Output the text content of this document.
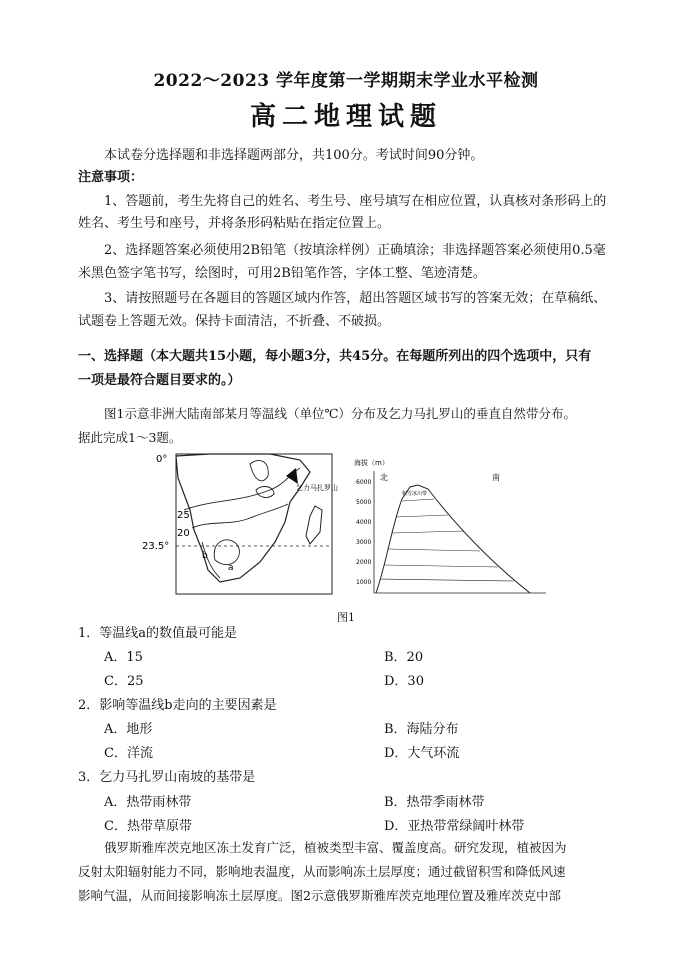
2022～2023 学年度第一学期期末学业水平检测
高二地理试题
本试卷分选择题和非选择题两部分，共100分。考试时间90分钟。
注意事项：
1、答题前，考生先将自己的姓名、考生号、座号填写在相应位置，认真核对条形码上的
姓名、考生号和座号，并将条形码粘贴在指定位置上。
2、选择题答案必须使用2B铅笔（按填涂样例）正确填涂；非选择题答案必须使用0.5毫
米黑色签字笔书写，绘图时，可用2B铅笔作答，字体工整、笔迹清楚。
3、请按照题号在各题目的答题区域内作答，超出答题区域书写的答案无效；在草稿纸、
试题卷上答题无效。保持卡面清洁，不折叠、不破损。
一、选择题（本大题共15小题，每小题3分，共45分。在每题所列出的四个选项中，只有
一项是最符合题目要求的。）
图1示意非洲大陆南部某月等温线（单位℃）分布及乞力马扎罗山的垂直自然带分布。
据此完成1～3题。
0°
23.5°
25
20
a
b
乞力马扎罗山
海拔（m）
6000
5000
4000
3000
2000
1000
北	南
积雪冰川带
图1
1．等温线a的数值最可能是
A．15	B．20
C．25	D．30
2．影响等温线b走向的主要因素是
A．地形	B．海陆分布
C．洋流	D．大气环流
3．乞力马扎罗山南坡的基带是
A．热带雨林带	B．热带季雨林带
C．热带草原带	D．亚热带常绿阔叶林带
俄罗斯雅库茨克地区冻土发育广泛，植被类型丰富、覆盖度高。研究发现，植被因为
反射太阳辐射能力不同，影响地表温度，从而影响冻土层厚度；通过截留积雪和降低风速
影响气温，从而间接影响冻土层厚度。图2示意俄罗斯雅库茨克地理位置及雅库茨克中部
